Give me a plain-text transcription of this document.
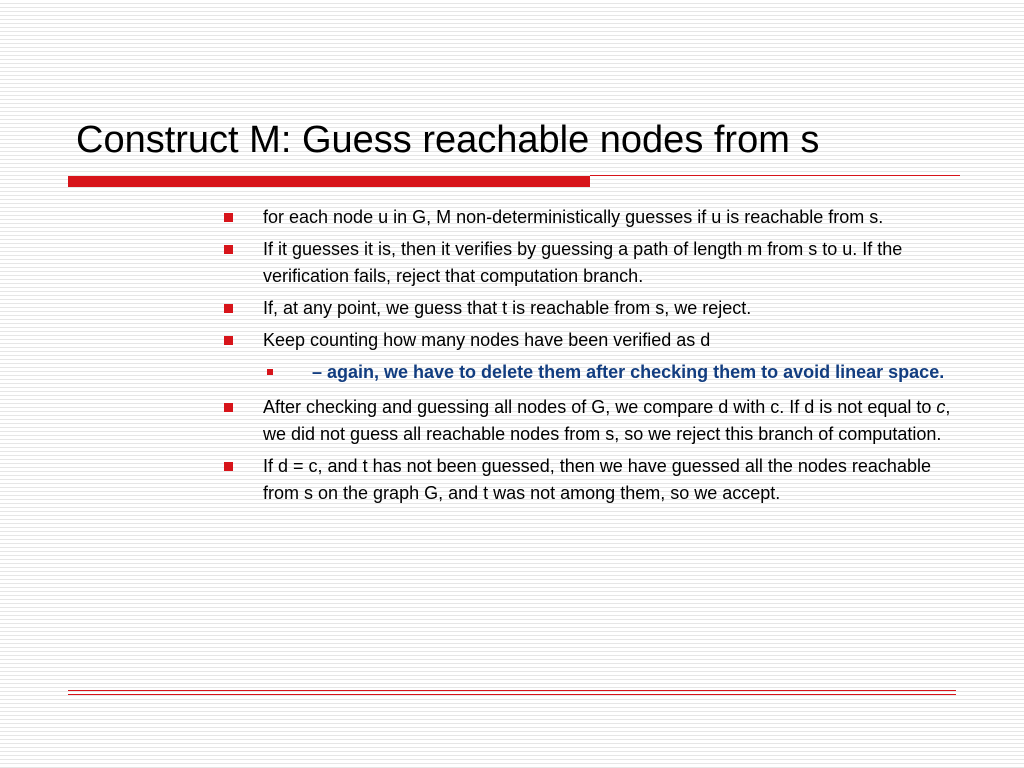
Construct M: Guess reachable nodes from s
for each node u in G, M non-deterministically guesses if u is reachable from s.
If it guesses it is, then it verifies by guessing a path of length m from s to u. If the verification fails, reject that computation branch.
If, at any point, we guess that t is reachable from s, we reject.
Keep counting how many nodes have been verified as d
– again, we have to delete them after checking them to avoid linear space.
After checking and guessing all nodes of G, we compare d with c. If d is not equal to c, we did not guess all reachable nodes from s, so we reject this branch of computation.
If d = c, and t has not been guessed, then we have guessed all the nodes reachable from s on the graph G, and t was not among them, so we accept.
